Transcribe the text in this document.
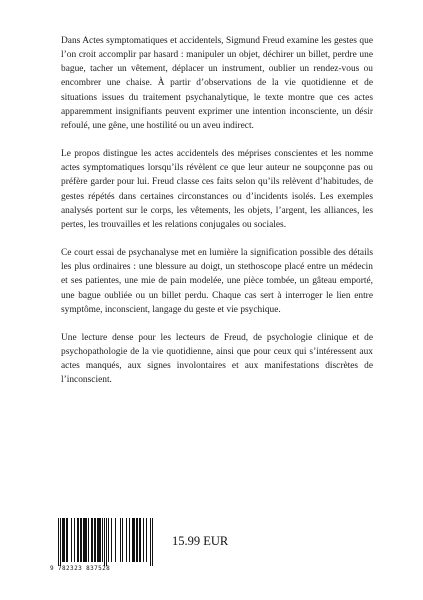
Dans Actes symptomatiques et accidentels, Sigmund Freud examine les gestes que l’on croit accomplir par hasard : manipuler un objet, déchirer un billet, perdre une bague, tacher un vêtement, déplacer un instrument, oublier un rendez-vous ou encombrer une chaise. À partir d’observations de la vie quotidienne et de situations issues du traitement psychanalytique, le texte montre que ces actes apparemment insignifiants peuvent exprimer une intention inconsciente, un désir refoulé, une gêne, une hostilité ou un aveu indirect.

Le propos distingue les actes accidentels des méprises conscientes et les nomme actes symptomatiques lorsqu’ils révèlent ce que leur auteur ne soupçonne pas ou préfère garder pour lui. Freud classe ces faits selon qu’ils relèvent d’habitudes, de gestes répétés dans certaines circonstances ou d’incidents isolés. Les exemples analysés portent sur le corps, les vêtements, les objets, l’argent, les alliances, les pertes, les trouvailles et les relations conjugales ou sociales.

Ce court essai de psychanalyse met en lumière la signification possible des détails les plus ordinaires : une blessure au doigt, un stethoscope placé entre un médecin et ses patientes, une mie de pain modelée, une pièce tombée, un gâteau emporté, une bague oubliée ou un billet perdu. Chaque cas sert à interroger le lien entre symptôme, inconscient, langage du geste et vie psychique.

Une lecture dense pour les lecteurs de Freud, de psychologie clinique et de psychopathologie de la vie quotidienne, ainsi que pour ceux qui s’intéressent aux actes manqués, aux signes involontaires et aux manifestations discrètes de l’inconscient.

9 782323 837528
15.99 EUR
